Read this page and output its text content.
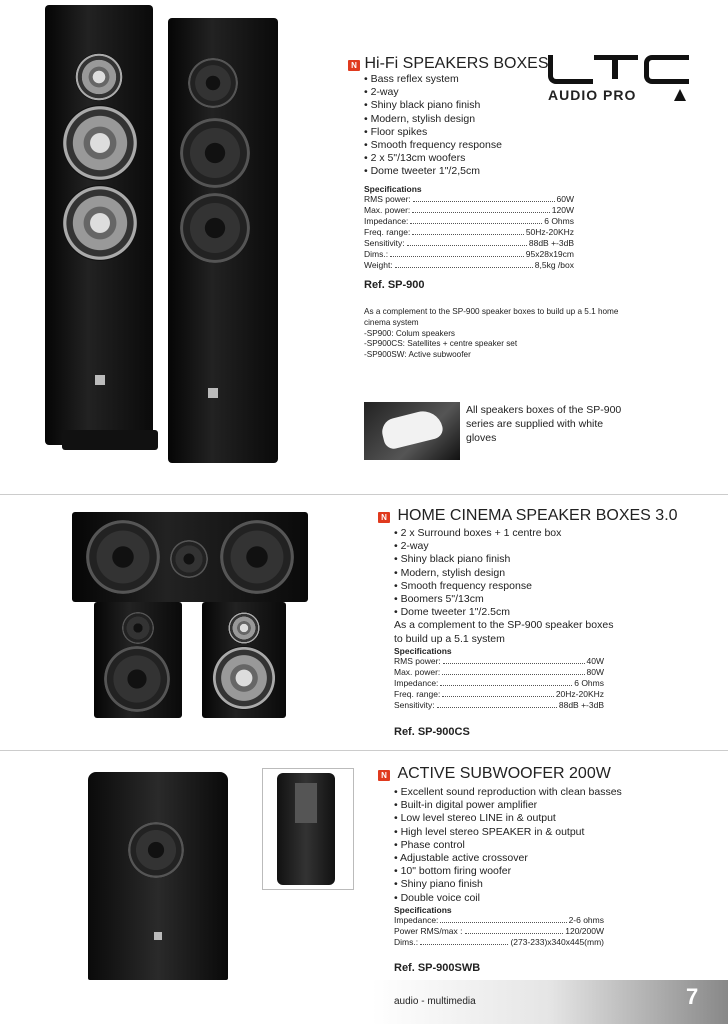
AUDIO PRO
N Hi-Fi SPEAKERS BOXES
• Bass reflex system
• 2-way
• Shiny black piano finish
• Modern, stylish design
• Floor spikes
• Smooth frequency response
• 2 x 5"/13cm woofers
• Dome tweeter 1"/2,5cm
Specifications
RMS power:	60W
Max. power:	120W
Impedance:	6 Ohms
Freq. range:	50Hz-20KHz
Sensitivity:	88dB +-3dB
Dims.:	95x28x19cm
Weight:	8,5kg /box
Ref. SP-900
As a complement to the SP-900 speaker boxes to build up a 5.1 home
cinema system
-SP900: Colum speakers
-SP900CS: Satellites + centre speaker set
-SP900SW: Active subwoofer
All speakers boxes of the SP-900 series are supplied with white gloves
N HOME CINEMA SPEAKER BOXES 3.0
• 2 x Surround boxes + 1 centre box
• 2-way
• Shiny black piano finish
• Modern, stylish design
• Smooth frequency response
• Boomers 5"/13cm
• Dome tweeter 1"/2.5cm
As a complement to the SP-900 speaker boxes
to build up a 5.1 system
Specifications
RMS power:	40W
Max. power:	80W
Impedance:	6 Ohms
Freq. range:	20Hz-20KHz
Sensitivity:	88dB +-3dB
Ref. SP-900CS
N ACTIVE SUBWOOFER 200W
• Excellent sound reproduction with clean basses
• Built-in digital power amplifier
• Low level stereo LINE in & output
• High level stereo SPEAKER in & output
• Phase control
• Adjustable active crossover
• 10" bottom firing woofer
• Shiny piano finish
• Double voice coil
Specifications
Impedance:	2-6 ohms
Power RMS/max :	120/200W
Dims.:	(273-233)x340x445(mm)
Ref. SP-900SWB
audio - multimedia	7
